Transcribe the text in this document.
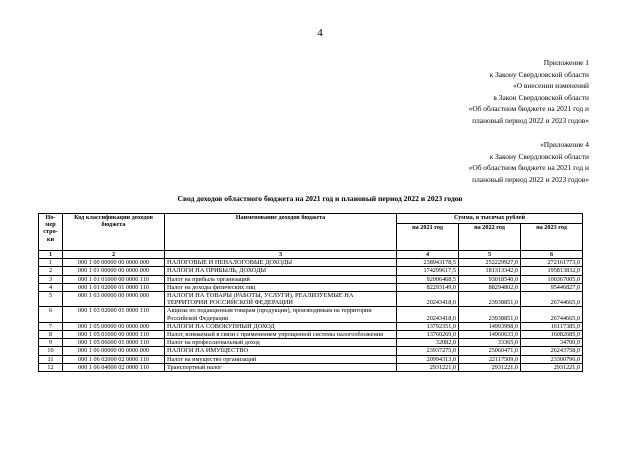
4
Приложение 1
к Закону Свердловской области
«О внесении изменений
в Закон Свердловской области
«Об областном бюджете на 2021 год и
плановый период 2022 и 2023 годов»
«Приложение 4
к Закону Свердловской области
«Об областном бюджете на 2021 год и
плановый период 2022 и 2023 годов»
Свод доходов областного бюджета на 2021 год и плановый период 2022 и 2023 годов
Но-мер стро-ки	Код классификации доходов бюджета	Наименование доходов бюджета	Сумма, в тысячах рублей		
			на 2021 год	на 2022 год	на 2023 год
1	2	3	4	5	6
1	000 1 00 00000 00 0000 000	НАЛОГОВЫЕ И НЕНАЛОГОВЫЕ ДОХОДЫ	238943178,5	252229927,0	272161773,0
2	000 1 01 00000 00 0000 000	НАЛОГИ НА ПРИБЫЛЬ, ДОХОДЫ	174299617,5	181313342,0	195813832,0
3	000 1 01 01000 00 0000 110	Налог на прибыль организаций	92006468,5	93018540,0	100367005,0
4	000 1 01 02000 01 0000 110	Налог на доходы физических лиц	82293149,0	88294802,0	95446827,0
5	000 1 03 00000 00 0000 000	НАЛОГИ НА ТОВАРЫ (РАБОТЫ, УСЛУГИ), РЕАЛИЗУЕМЫЕ НА ТЕРРИТОРИИ РОССИЙСКОЙ ФЕДЕРАЦИИ	20243418,0	23938851,0	26744665,0
6	000 1 03 02000 01 0000 110	Акцизы по подакцизным товарам (продукции), производимым на территории Российской Федерации	20243418,0	23938851,0	26744665,0
7	000 1 05 00000 00 0000 000	НАЛОГИ НА СОВОКУПНЫЙ ДОХОД	13792351,0	14993998,0	16117385,0
8	000 1 05 01000 00 0000 110	Налог, взимаемый в связи с применением упрощенной системы налогообложения	13760269,0	14960633,0	16082685,0
9	000 1 05 06000 01 0000 110	Налог на профессиональный доход	32082,0	33365,0	34700,0
10	000 1 06 00000 00 0000 000	НАЛОГИ НА ИМУЩЕСТВО	23937275,0	25060471,0	26243758,0
11	000 1 06 02000 02 0000 110	Налог на имущество организаций	20994313,0	22117509,0	23300796,0
12	000 1 06 04000 02 0000 110	Транспортный налог	2931221,0	2931221,0	2931221,0
